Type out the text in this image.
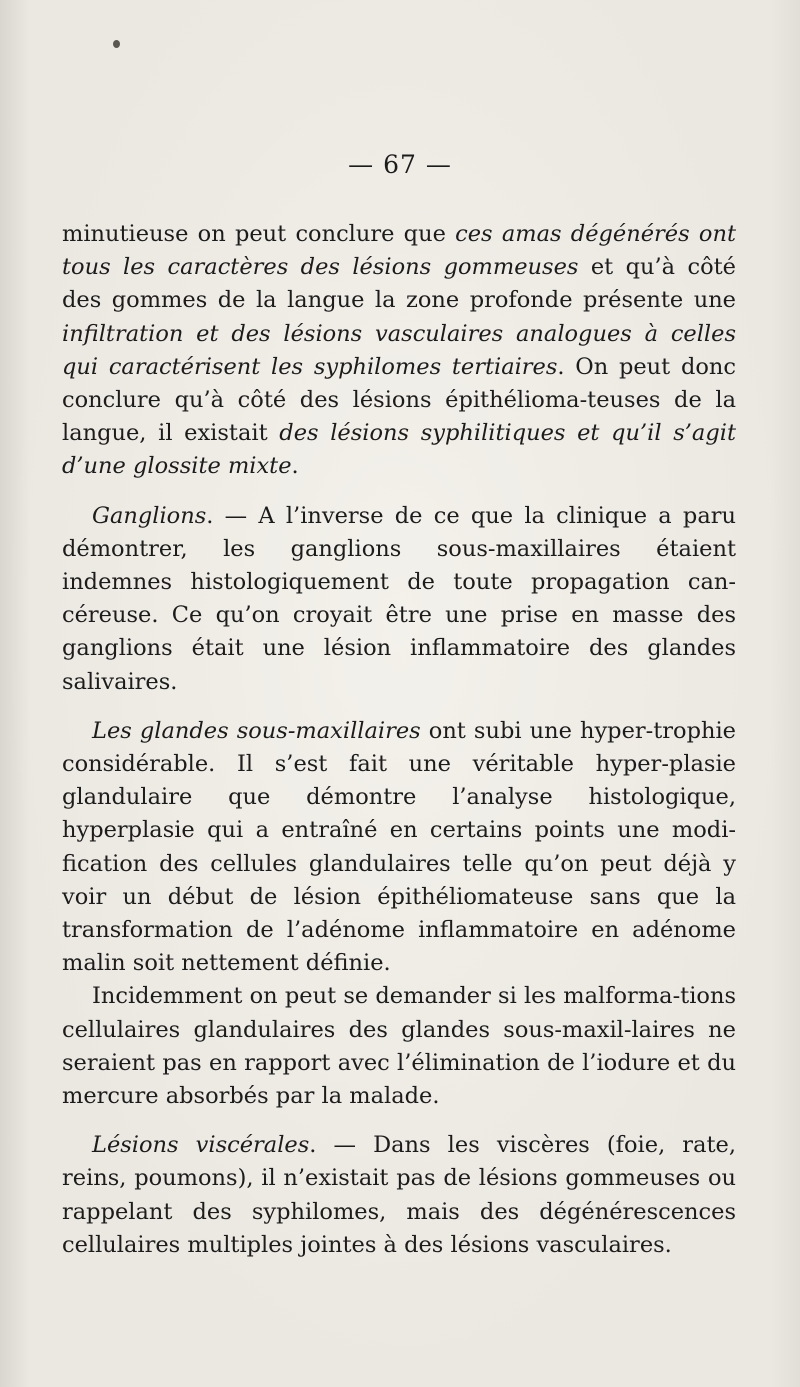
— 67 —

minutieuse on peut conclure que ces amas dégénérés ont tous les caractères des lésions gommeuses et qu’à côté des gommes de la langue la zone profonde présente une infiltration et des lésions vasculaires analogues à celles qui caractérisent les syphilomes tertiaires. On peut donc conclure qu’à côté des lésions épithélioma-teuses de la langue, il existait des lésions syphilitiques et qu’il s’agit d’une glossite mixte.

Ganglions. — A l’inverse de ce que la clinique a paru démontrer, les ganglions sous-maxillaires étaient indemnes histologiquement de toute propagation can-céreuse. Ce qu’on croyait être une prise en masse des ganglions était une lésion inflammatoire des glandes salivaires.

Les glandes sous-maxillaires ont subi une hyper-trophie considérable. Il s’est fait une véritable hyper-plasie glandulaire que démontre l’analyse histologique, hyperplasie qui a entraîné en certains points une modi-fication des cellules glandulaires telle qu’on peut déjà y voir un début de lésion épithéliomateuse sans que la transformation de l’adénome inflammatoire en adénome malin soit nettement définie.

Incidemment on peut se demander si les malforma-tions cellulaires glandulaires des glandes sous-maxil-laires ne seraient pas en rapport avec l’élimination de l’iodure et du mercure absorbés par la malade.

Lésions viscérales. — Dans les viscères (foie, rate, reins, poumons), il n’existait pas de lésions gommeuses ou rappelant des syphilomes, mais des dégénérescences cellulaires multiples jointes à des lésions vasculaires.
